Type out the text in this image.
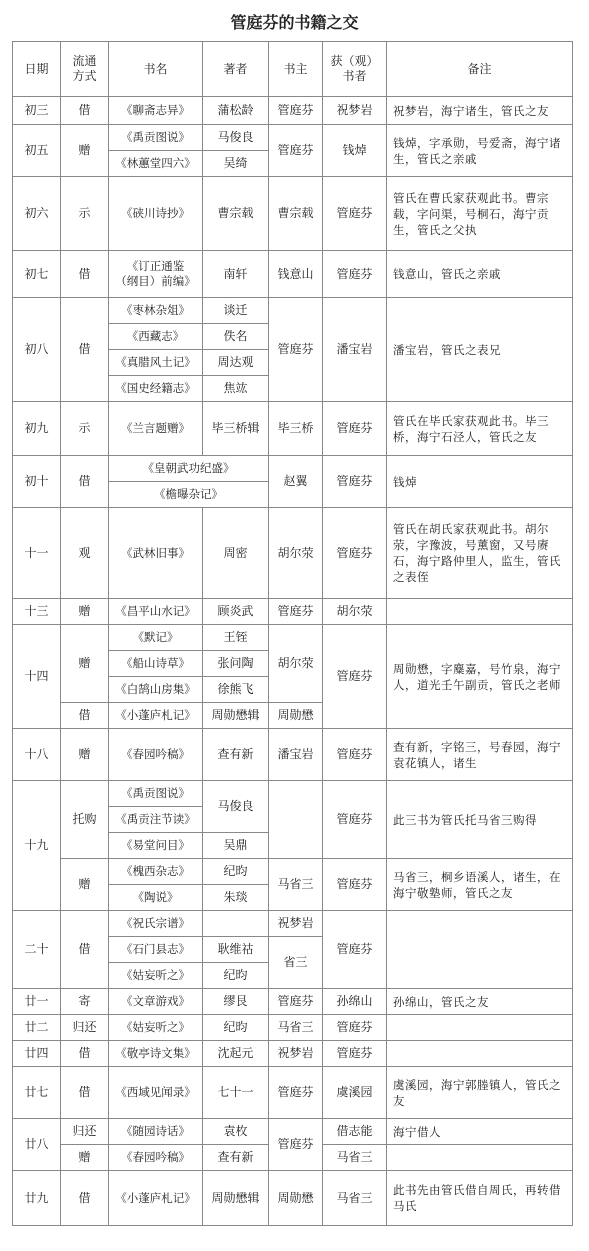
管庭芬的书籍之交
日期	流通
方式	书名	著者	书主	获（观）
书者	备注
初三	借	《聊斋志异》	蒲松龄	管庭芬	祝梦岩	祝梦岩，海宁诸生，管氏之友
初五	赠	《禹贡图说》	马俊良	管庭芬	钱焯	钱焯，字承勋，号爱斋，海宁诸生，管氏之亲戚
		《林蕙堂四六》	吴绮			
初六	示	《硖川诗抄》	曹宗载	曹宗载	管庭芬	管氏在曹氏家获观此书。曹宗载，字问渠，号桐石，海宁贡生，管氏之父执
初七	借	《订正通鉴
（纲目）前编》	南轩	钱意山	管庭芬	钱意山，管氏之亲戚
初八	借	《枣林杂俎》	谈迁	管庭芬	潘宝岩	潘宝岩，管氏之表兄
		《西藏志》	佚名			
		《真腊风土记》	周达观			
		《国史经籍志》	焦竑			
初九	示	《兰言题赠》	毕三桥辑	毕三桥	管庭芬	管氏在毕氏家获观此书。毕三桥，海宁石泾人，管氏之友
初十	借	《皇朝武功纪盛》		赵翼	管庭芬	钱焯
		《檐曝杂记》				
十一	观	《武林旧事》	周密	胡尔荥	管庭芬	管氏在胡氏家获观此书。胡尔荥，字豫波，号薰窗，又号赓石，海宁路仲里人，监生，管氏之表侄
十三	赠	《昌平山水记》	顾炎武	管庭芬	胡尔荥	
十四	赠	《默记》	王铚	胡尔荥	管庭芬	周勋懋，字麋嘉，号竹泉，海宁人，道光壬午副贡，管氏之老师
		《船山诗草》	张问陶			
		《白鹄山房集》	徐熊飞			
	借	《小蓬庐札记》	周勋懋辑	周勋懋		
十八	赠	《春园吟稿》	查有新	潘宝岩	管庭芬	查有新，字铭三，号春园，海宁袁花镇人，诸生
十九	托购	《禹贡图说》	马俊良		管庭芬	此三书为管氏托马省三购得
		《禹贡注节读》				
		《易堂问目》	吴鼎			
	赠	《槐西杂志》	纪昀	马省三	管庭芬	马省三，桐乡语溪人，诸生，在海宁敬塾师，管氏之友
		《陶说》	朱琰			
二十	借	《祝氏宗谱》		祝梦岩	管庭芬	
		《石门县志》	耿维祜	省三		
		《姑妄听之》	纪昀			
廿一	寄	《文章游戏》	缪艮	管庭芬	孙绵山	孙绵山，管氏之友
廿二	归还	《姑妄听之》	纪昀	马省三	管庭芬	
廿四	借	《敬亭诗文集》	沈起元	祝梦岩	管庭芬	
廿七	借	《西域见闻录》	七十一	管庭芬	虞溪园	虞溪园，海宁郭塍镇人，管氏之友
廿八	归还	《随园诗话》	袁枚	管庭芬	借志能	海宁借人
	赠	《春园吟稿》	查有新		马省三	
廿九	借	《小蓬庐札记》	周勋懋辑	周勋懋	马省三	此书先由管氏借自周氏，再转借马氏
